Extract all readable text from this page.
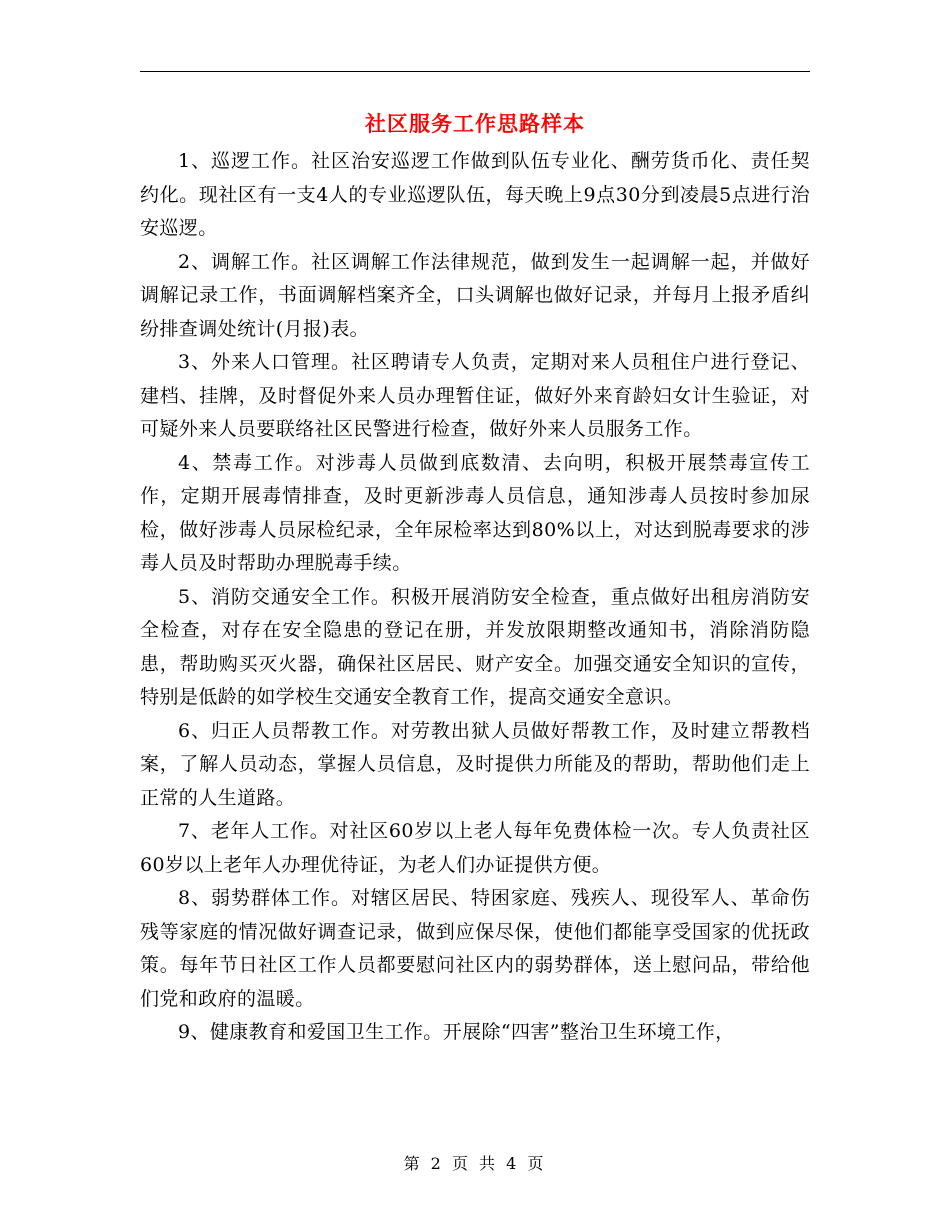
社区服务工作思路样本

1、巡逻工作。社区治安巡逻工作做到队伍专业化、酬劳货币化、责任契约化。现社区有一支4人的专业巡逻队伍，每天晚上9点30分到凌晨5点进行治安巡逻。

2、调解工作。社区调解工作法律规范，做到发生一起调解一起，并做好调解记录工作，书面调解档案齐全，口头调解也做好记录，并每月上报矛盾纠纷排查调处统计(月报)表。

3、外来人口管理。社区聘请专人负责，定期对来人员租住户进行登记、建档、挂牌，及时督促外来人员办理暂住证，做好外来育龄妇女计生验证，对可疑外来人员要联络社区民警进行检查，做好外来人员服务工作。

4、禁毒工作。对涉毒人员做到底数清、去向明，积极开展禁毒宣传工作，定期开展毒情排查，及时更新涉毒人员信息，通知涉毒人员按时参加尿检，做好涉毒人员尿检纪录，全年尿检率达到80%以上，对达到脱毒要求的涉毒人员及时帮助办理脱毒手续。

5、消防交通安全工作。积极开展消防安全检查，重点做好出租房消防安全检查，对存在安全隐患的登记在册，并发放限期整改通知书，消除消防隐患，帮助购买灭火器，确保社区居民、财产安全。加强交通安全知识的宣传，特别是低龄的如学校生交通安全教育工作，提高交通安全意识。

6、归正人员帮教工作。对劳教出狱人员做好帮教工作，及时建立帮教档案，了解人员动态，掌握人员信息，及时提供力所能及的帮助，帮助他们走上正常的人生道路。

7、老年人工作。对社区60岁以上老人每年免费体检一次。专人负责社区60岁以上老年人办理优待证，为老人们办证提供方便。

8、弱势群体工作。对辖区居民、特困家庭、残疾人、现役军人、革命伤残等家庭的情况做好调查记录，做到应保尽保，使他们都能享受国家的优抚政策。每年节日社区工作人员都要慰问社区内的弱势群体，送上慰问品，带给他们党和政府的温暖。

9、健康教育和爱国卫生工作。开展除“四害”整治卫生环境工作，

第 2 页 共 4 页
